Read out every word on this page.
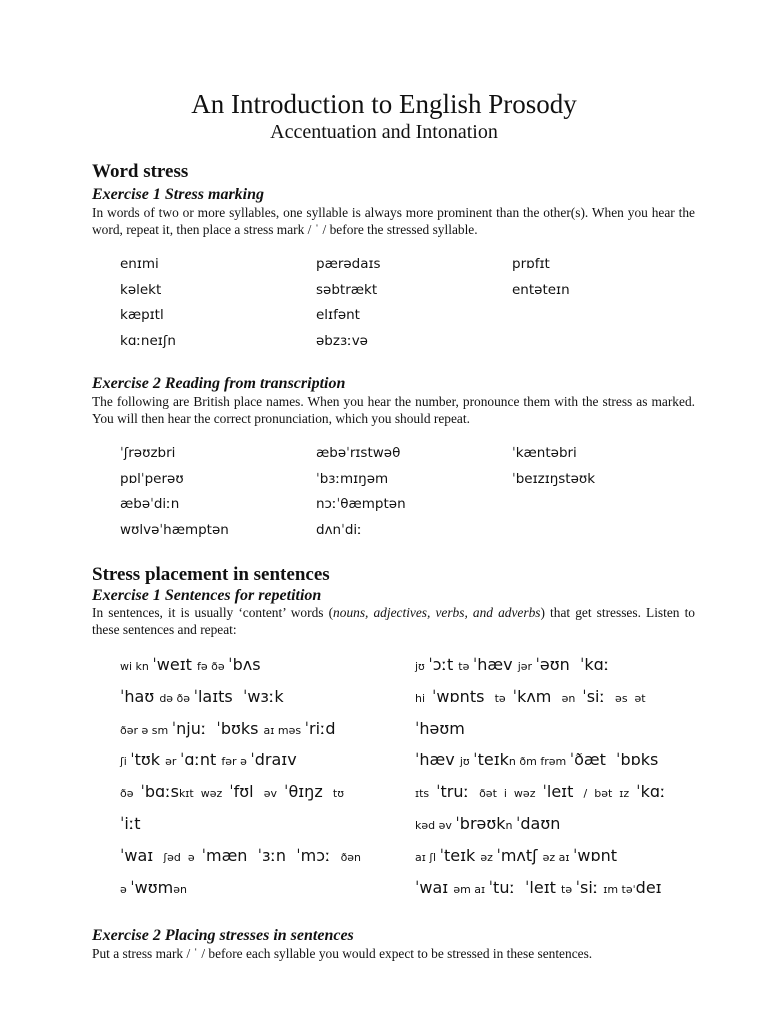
An Introduction to English Prosody
Accentuation and Intonation
Word stress
Exercise 1 Stress marking

In words of two or more syllables, one syllable is always more prominent than the other(s). When you hear the word, repeat it, then place a stress mark / ˈ / before the stressed syllable.

enɪmi	pærədaɪs	prɒfɪt
kəlekt	səbtrækt	entəteɪn
kæpɪtl	elɪfənt
kɑːneɪʃn	əbzɜːvə
Exercise 2 Reading from transcription

The following are British place names. When you hear the number, pronounce them with the stress as marked. You will then hear the correct pronunciation, which you should repeat.

ˈʃrəʊzbri	æbəˈrɪstwəθ	ˈkæntəbri
pɒlˈperəʊ	ˈbɜːmɪŋəm	ˈbeɪzɪŋstəʊk
æbəˈdiːn	nɔːˈθæmptən
wʊlvəˈhæmptən	dʌnˈdiː
Stress placement in sentences
Exercise 1 Sentences for repetition

In sentences, it is usually ‘content’ words (nouns, adjectives, verbs, and adverbs) that get stresses. Listen to these sentences and repeat:

wi kn ˈweɪt fə ðə ˈbʌs	jʊ ˈɔːt tə ˈhæv jər ˈəʊn  ˈkɑː
ˈhaʊ də ðə ˈlaɪts  ˈwɜːk	hi  ˈwɒnts  tə  ˈkʌm  ən  ˈsiː  əs  ət
ðər ə sm ˈnjuː  ˈbʊks aɪ məs ˈriːd	ˈhəʊm
ʃi ˈtʊk ər ˈɑːnt fər ə ˈdraɪv	ˈhæv jʊ ˈteɪkn ðm frəm ˈðæt  ˈbɒks
ðə  ˈbɑːskɪt  wəz  ˈfʊl  əv  ˈθɪŋz  tʊ	ɪts  ˈtruː  ðət  i  wəz  ˈleɪt  /  bət  ɪz  ˈkɑː
ˈiːt	kəd əv ˈbrəʊkn ˈdaʊn
ˈwaɪ  ʃəd  ə  ˈmæn  ˈɜːn  ˈmɔː  ðən	aɪ ʃl ˈteɪk əz ˈmʌtʃ əz aɪ ˈwɒnt
ə ˈwʊmən	ˈwaɪ əm aɪ ˈtuː  ˈleɪt tə ˈsiː ɪm təˈdeɪ
Exercise 2 Placing stresses in sentences

Put a stress mark / ˈ / before each syllable you would expect to be stressed in these sentences.
